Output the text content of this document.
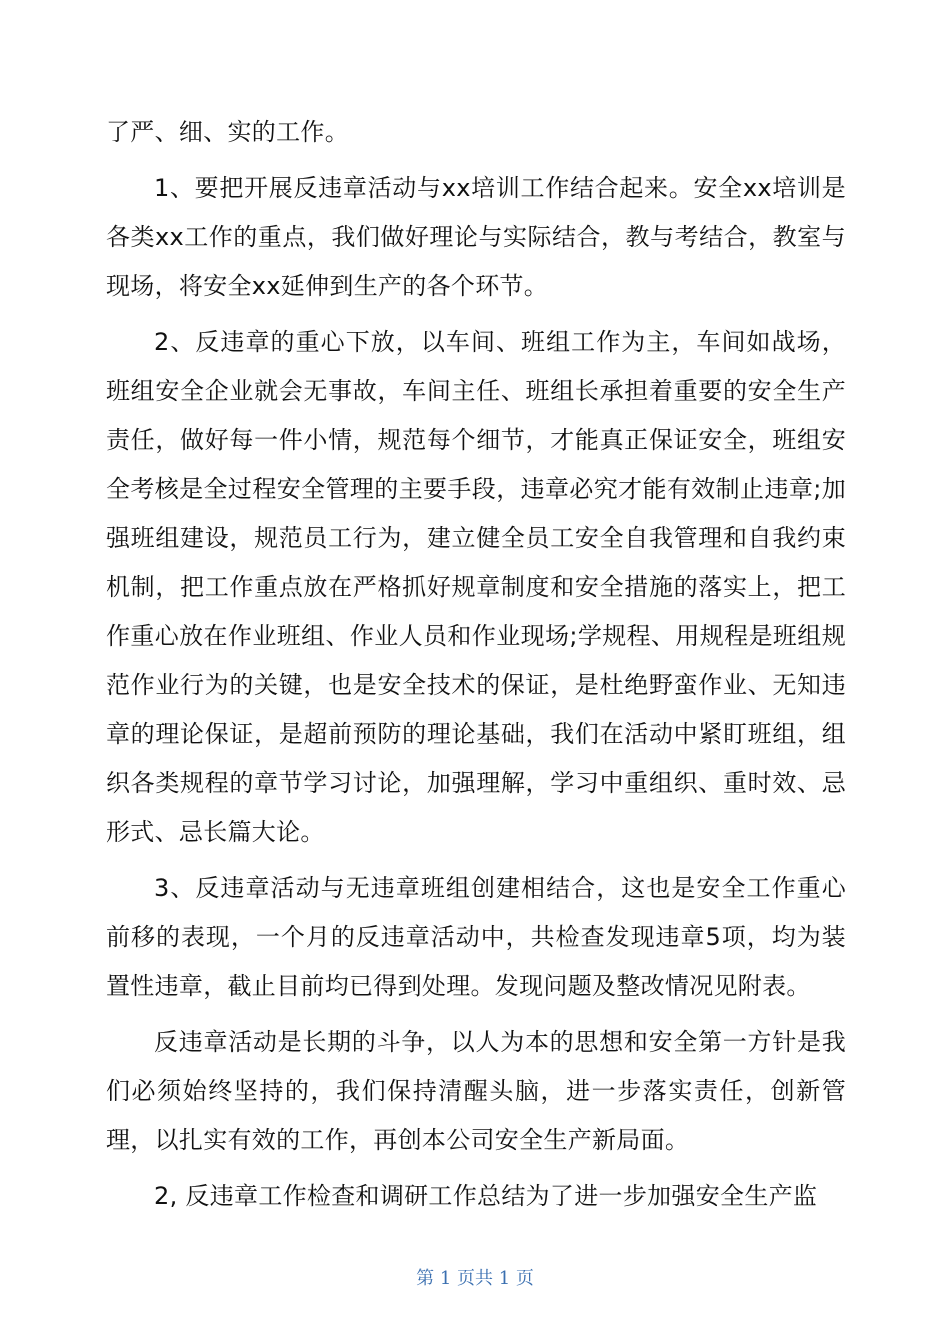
了严、细、实的工作。

1、要把开展反违章活动与xx培训工作结合起来。安全xx培训是各类xx工作的重点，我们做好理论与实际结合，教与考结合，教室与现场，将安全xx延伸到生产的各个环节。

2、反违章的重心下放，以车间、班组工作为主，车间如战场，班组安全企业就会无事故，车间主任、班组长承担着重要的安全生产责任，做好每一件小情，规范每个细节，才能真正保证安全，班组安全考核是全过程安全管理的主要手段，违章必究才能有效制止违章;加强班组建设，规范员工行为，建立健全员工安全自我管理和自我约束机制，把工作重点放在严格抓好规章制度和安全措施的落实上，把工作重心放在作业班组、作业人员和作业现场;学规程、用规程是班组规范作业行为的关键，也是安全技术的保证，是杜绝野蛮作业、无知违章的理论保证，是超前预防的理论基础，我们在活动中紧盯班组，组织各类规程的章节学习讨论，加强理解，学习中重组织、重时效、忌形式、忌长篇大论。

3、反违章活动与无违章班组创建相结合，这也是安全工作重心前移的表现，一个月的反违章活动中，共检查发现违章5项，均为装置性违章，截止目前均已得到处理。发现问题及整改情况见附表。

反违章活动是长期的斗争，以人为本的思想和安全第一方针是我们必须始终坚持的，我们保持清醒头脑，进一步落实责任，创新管理，以扎实有效的工作，再创本公司安全生产新局面。

2, 反违章工作检查和调研工作总结为了进一步加强安全生产监

第 1 页共 1 页
